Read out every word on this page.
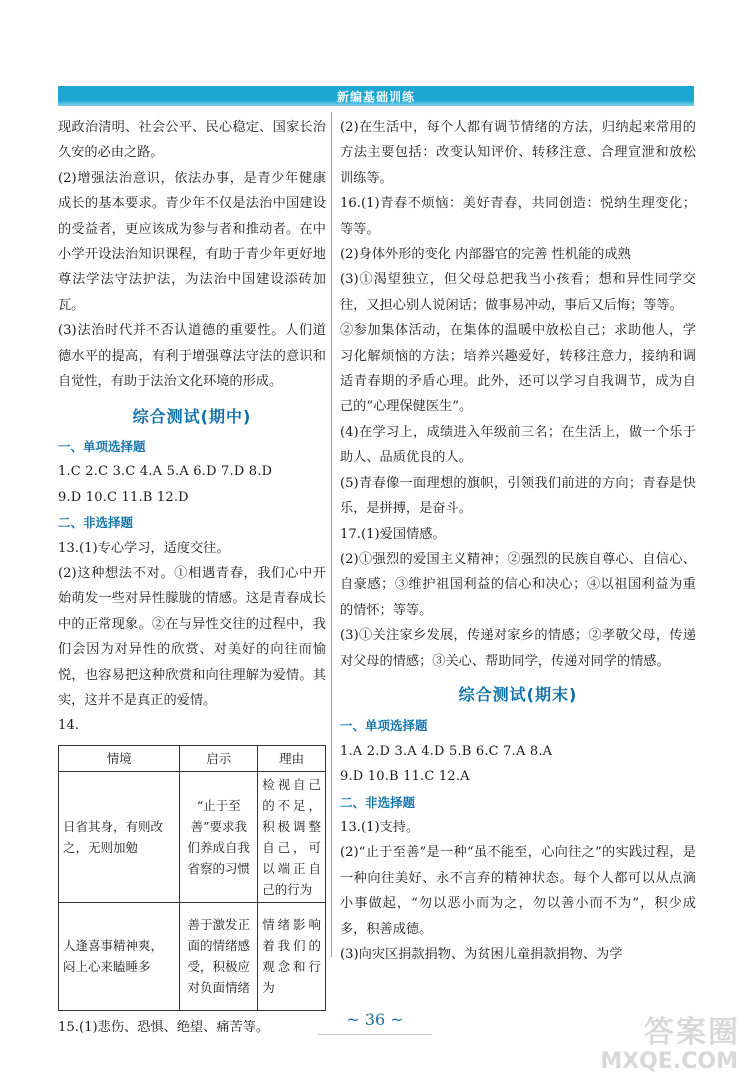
新编基础训练
现政治清明、社会公平、民心稳定、国家长治久安的必由之路。
(2)增强法治意识，依法办事，是青少年健康成长的基本要求。青少年不仅是法治中国建设的受益者，更应该成为参与者和推动者。在中小学开设法治知识课程，有助于青少年更好地尊法学法守法护法，为法治中国建设添砖加瓦。
(3)法治时代并不否认道德的重要性。人们道德水平的提高，有利于增强尊法守法的意识和自觉性，有助于法治文化环境的形成。
综合测试(期中)
一、单项选择题
1.C 2.C 3.C 4.A 5.A 6.D 7.D 8.D
9.D 10.C 11.B 12.D
二、非选择题
13.(1)专心学习，适度交往。
(2)这种想法不对。①相遇青春，我们心中开始萌发一些对异性朦胧的情感。这是青春成长中的正常现象。②在与异性交往的过程中，我们会因为对异性的欣赏、对美好的向往而愉悦，也容易把这种欣赏和向往理解为爱情。其实，这并不是真正的爱情。
14.
情境	启示	理由
日省其身，有则改之，无则加勉	“止于至善”要求我们养成自我省察的习惯	检视自己的不足，积极调整自己，可以端正自己的行为
人逢喜事精神爽，闷上心来瞌睡多	善于激发正面的情绪感受，积极应对负面情绪	情绪影响着我们的观念和行为
15.(1)悲伤、恐惧、绝望、痛苦等。
(2)在生活中，每个人都有调节情绪的方法，归纳起来常用的方法主要包括：改变认知评价、转移注意、合理宣泄和放松训练等。
16.(1)青春不烦恼：美好青春，共同创造：悦纳生理变化；等等。
(2)身体外形的变化 内部器官的完善 性机能的成熟
(3)①渴望独立，但父母总把我当小孩看；想和异性同学交往，又担心别人说闲话；做事易冲动，事后又后悔；等等。
②参加集体活动，在集体的温暖中放松自己；求助他人，学习化解烦恼的方法；培养兴趣爱好，转移注意力，接纳和调适青春期的矛盾心理。此外，还可以学习自我调节，成为自己的“心理保健医生”。
(4)在学习上，成绩进入年级前三名；在生活上，做一个乐于助人、品质优良的人。
(5)青春像一面理想的旗帜，引领我们前进的方向；青春是快乐，是拼搏，是奋斗。
17.(1)爱国情感。
(2)①强烈的爱国主义精神；②强烈的民族自尊心、自信心、自豪感；③维护祖国利益的信心和决心；④以祖国利益为重的情怀；等等。
(3)①关注家乡发展，传递对家乡的情感；②孝敬父母，传递对父母的情感；③关心、帮助同学，传递对同学的情感。
综合测试(期末)
一、单项选择题
1.A 2.D 3.A 4.D 5.B 6.C 7.A 8.A
9.D 10.B 11.C 12.A
二、非选择题
13.(1)支持。
(2)“止于至善”是一种“虽不能至，心向往之”的实践过程，是一种向往美好、永不言弃的精神状态。每个人都可以从点滴小事做起，“勿以恶小而为之，勿以善小而不为”，积少成多，积善成德。
(3)向灾区捐款捐物、为贫困儿童捐款捐物、为学
~ 36 ~	答案圈
MXQE.COM
